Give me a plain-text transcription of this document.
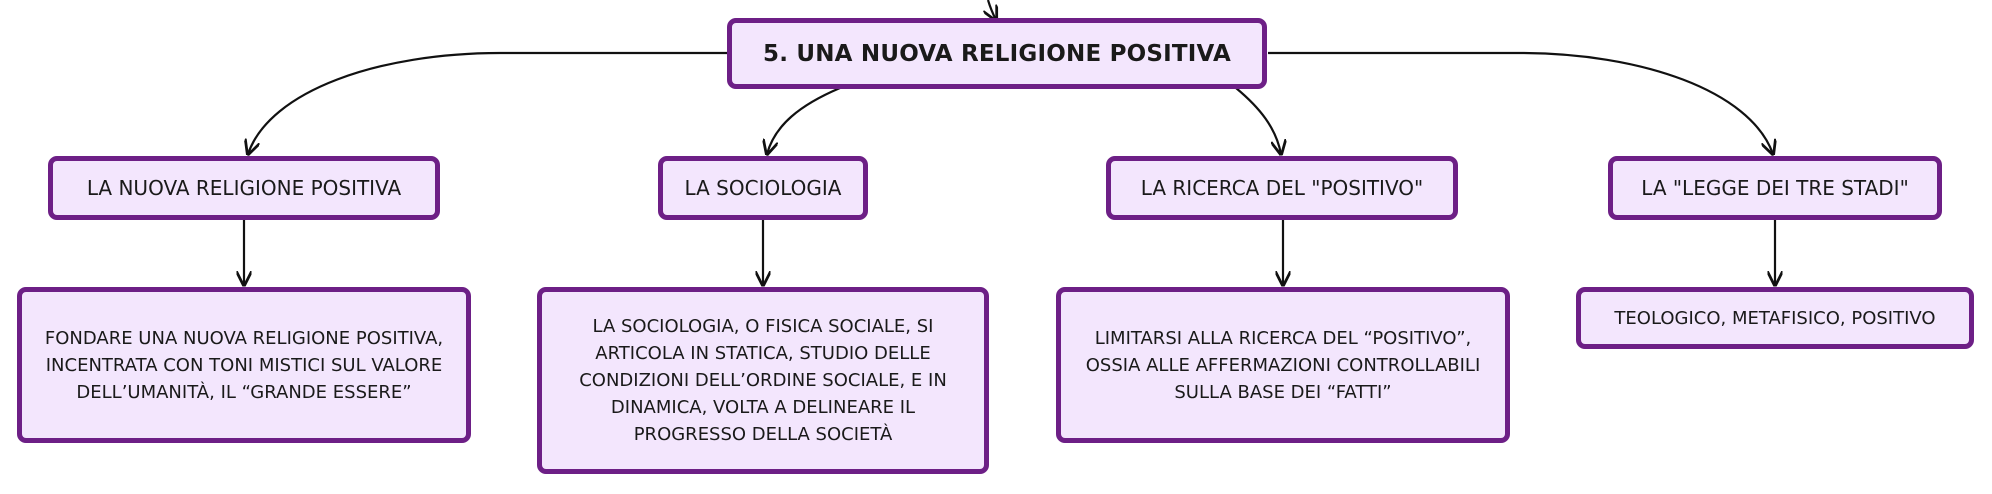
5. UNA NUOVA RELIGIONE POSITIVA
LA NUOVA RELIGIONE POSITIVA	LA SOCIOLOGIA	LA RICERCA DEL "POSITIVO"	LA "LEGGE DEI TRE STADI"
FONDARE UNA NUOVA RELIGIONE POSITIVA, INCENTRATA CON TONI MISTICI SUL VALORE DELL’UMANITÀ, IL “GRANDE ESSERE”
LA SOCIOLOGIA, O FISICA SOCIALE, SI ARTICOLA IN STATICA, STUDIO DELLE CONDIZIONI DELL’ORDINE SOCIALE, E IN DINAMICA, VOLTA A DELINEARE IL PROGRESSO DELLA SOCIETÀ
LIMITARSI ALLA RICERCA DEL “POSITIVO”, OSSIA ALLE AFFERMAZIONI CONTROLLABILI SULLA BASE DEI “FATTI”
TEOLOGICO, METAFISICO, POSITIVO
